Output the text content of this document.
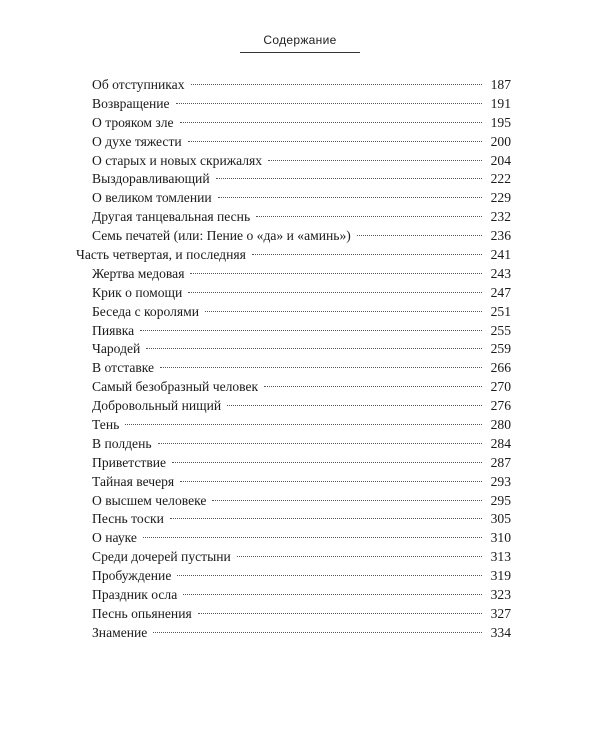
Содержание
Об отступниках	187
Возвращение	191
О трояком зле	195
О духе тяжести	200
О старых и новых скрижалях	204
Выздоравливающий	222
О великом томлении	229
Другая танцевальная песнь	232
Семь печатей (или: Пение о «да» и «аминь»)	236
Часть четвертая, и последняя	241
Жертва медовая	243
Крик о помощи	247
Беседа с королями	251
Пиявка	255
Чародей	259
В отставке	266
Самый безобразный человек	270
Добровольный нищий	276
Тень	280
В полдень	284
Приветствие	287
Тайная вечеря	293
О высшем человеке	295
Песнь тоски	305
О науке	310
Среди дочерей пустыни	313
Пробуждение	319
Праздник осла	323
Песнь опьянения	327
Знамение	334
